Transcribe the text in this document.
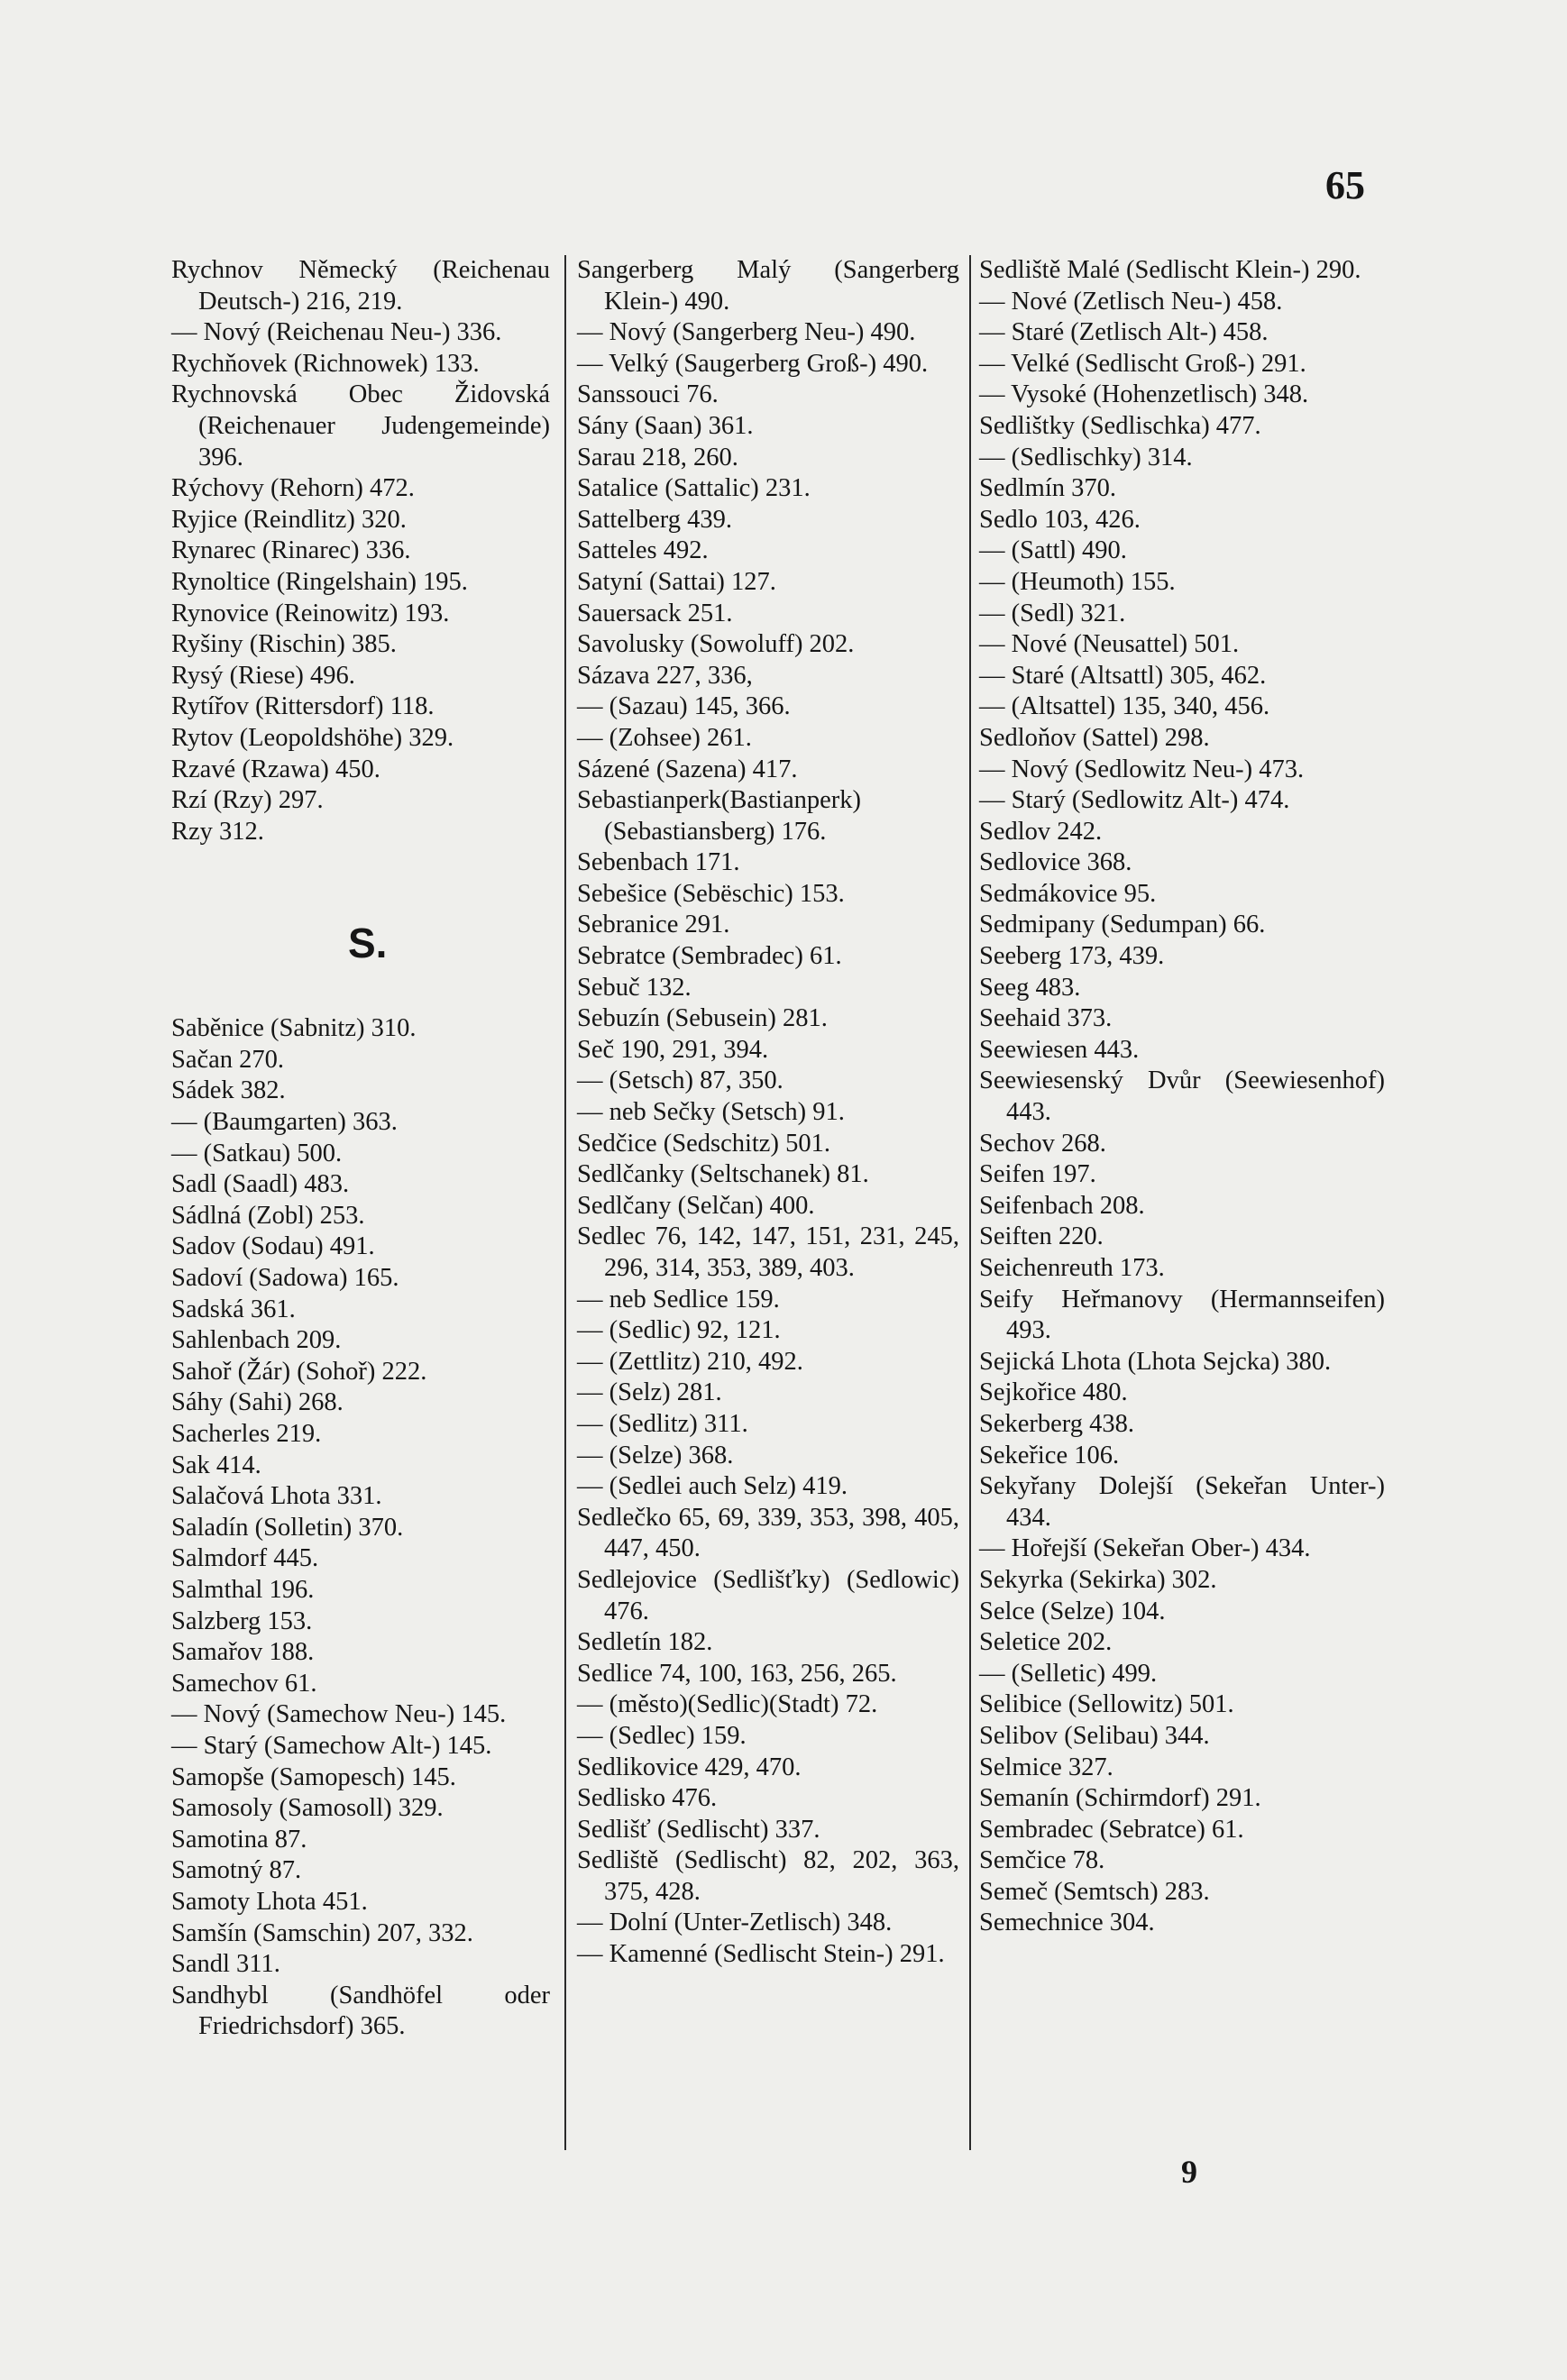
65

Rychnov Německý (Reichenau Deutsch-) 216, 219.

— Nový (Reichenau Neu-) 336.

Rychňovek (Richnowek) 133.

Rychnovská Obec Židovská (Reichenauer Judengemeinde) 396.

Rýchovy (Rehorn) 472.

Ryjice (Reindlitz) 320.

Rynarec (Rinarec) 336.

Rynoltice (Ringelshain) 195.

Rynovice (Reinowitz) 193.

Ryšiny (Rischin) 385.

Rysý (Riese) 496.

Rytířov (Rittersdorf) 118.

Rytov (Leopoldshöhe) 329.

Rzavé (Rzawa) 450.

Rzí (Rzy) 297.

Rzy 312.

S.

Saběnice (Sabnitz) 310.

Sačan 270.

Sádek 382.

— (Baumgarten) 363.

— (Satkau) 500.

Sadl (Saadl) 483.

Sádlná (Zobl) 253.

Sadov (Sodau) 491.

Sadoví (Sadowa) 165.

Sadská 361.

Sahlenbach 209.

Sahoř (Žár) (Sohoř) 222.

Sáhy (Sahi) 268.

Sacherles 219.

Sak 414.

Salačová Lhota 331.

Saladín (Solletin) 370.

Salmdorf 445.

Salmthal 196.

Salzberg 153.

Samařov 188.

Samechov 61.

— Nový (Samechow Neu-) 145.

— Starý (Samechow Alt-) 145.

Samopše (Samopesch) 145.

Samosoly (Samosoll) 329.

Samotina 87.

Samotný 87.

Samoty Lhota 451.

Samšín (Samschin) 207, 332.

Sandl 311.

Sandhybl (Sandhöfel oder Friedrichsdorf) 365.

Sangerberg Malý (Sangerberg Klein-) 490.

— Nový (Sangerberg Neu-) 490.

— Velký (Saugerberg Groß-) 490.

Sanssouci 76.

Sány (Saan) 361.

Sarau 218, 260.

Satalice (Sattalic) 231.

Sattelberg 439.

Satteles 492.

Satyní (Sattai) 127.

Sauersack 251.

Savolusky (Sowoluff) 202.

Sázava 227, 336,

— (Sazau) 145, 366.

— (Zohsee) 261.

Sázené (Sazena) 417.

Sebastianperk(Bastianperk) (Sebastiansberg) 176.

Sebenbach 171.

Sebešice (Sebëschic) 153.

Sebranice 291.

Sebratce (Sembradec) 61.

Sebuč 132.

Sebuzín (Sebusein) 281.

Seč 190, 291, 394.

— (Setsch) 87, 350.

— neb Sečky (Setsch) 91.

Sedčice (Sedschitz) 501.

Sedlčanky (Seltschanek) 81.

Sedlčany (Selčan) 400.

Sedlec 76, 142, 147, 151, 231, 245, 296, 314, 353, 389, 403.

— neb Sedlice 159.

— (Sedlic) 92, 121.

— (Zettlitz) 210, 492.

— (Selz) 281.

— (Sedlitz) 311.

— (Selze) 368.

— (Sedlei auch Selz) 419.

Sedlečko 65, 69, 339, 353, 398, 405, 447, 450.

Sedlejovice (Sedlišťky) (Sedlowic) 476.

Sedletín 182.

Sedlice 74, 100, 163, 256, 265.

— (město)(Sedlic)(Stadt) 72.

— (Sedlec) 159.

Sedlikovice 429, 470.

Sedlisko 476.

Sedlišť (Sedlischt) 337.

Sedliště (Sedlischt) 82, 202, 363, 375, 428.

— Dolní (Unter-Zetlisch) 348.

— Kamenné (Sedlischt Stein-) 291.

Sedliště Malé (Sedlischt Klein-) 290.

— Nové (Zetlisch Neu-) 458.

— Staré (Zetlisch Alt-) 458.

— Velké (Sedlischt Groß-) 291.

— Vysoké (Hohenzetlisch) 348.

Sedlištky (Sedlischka) 477.

— (Sedlischky) 314.

Sedlmín 370.

Sedlo 103, 426.

— (Sattl) 490.

— (Heumoth) 155.

— (Sedl) 321.

— Nové (Neusattel) 501.

— Staré (Altsattl) 305, 462.

— (Altsattel) 135, 340, 456.

Sedloňov (Sattel) 298.

— Nový (Sedlowitz Neu-) 473.

— Starý (Sedlowitz Alt-) 474.

Sedlov 242.

Sedlovice 368.

Sedmákovice 95.

Sedmipany (Sedumpan) 66.

Seeberg 173, 439.

Seeg 483.

Seehaid 373.

Seewiesen 443.

Seewiesenský Dvůr (Seewiesenhof) 443.

Sechov 268.

Seifen 197.

Seifenbach 208.

Seiften 220.

Seichenreuth 173.

Seify Heřmanovy (Hermannseifen) 493.

Sejická Lhota (Lhota Sejcka) 380.

Sejkořice 480.

Sekerberg 438.

Sekeřice 106.

Sekyřany Dolejší (Sekeřan Unter-) 434.

— Hořejší (Sekeřan Ober-) 434.

Sekyrka (Sekirka) 302.

Selce (Selze) 104.

Seletice 202.

— (Selletic) 499.

Selibice (Sellowitz) 501.

Selibov (Selibau) 344.

Selmice 327.

Semanín (Schirmdorf) 291.

Sembradec (Sebratce) 61.

Semčice 78.

Semeč (Semtsch) 283.

Semechnice 304.

9
